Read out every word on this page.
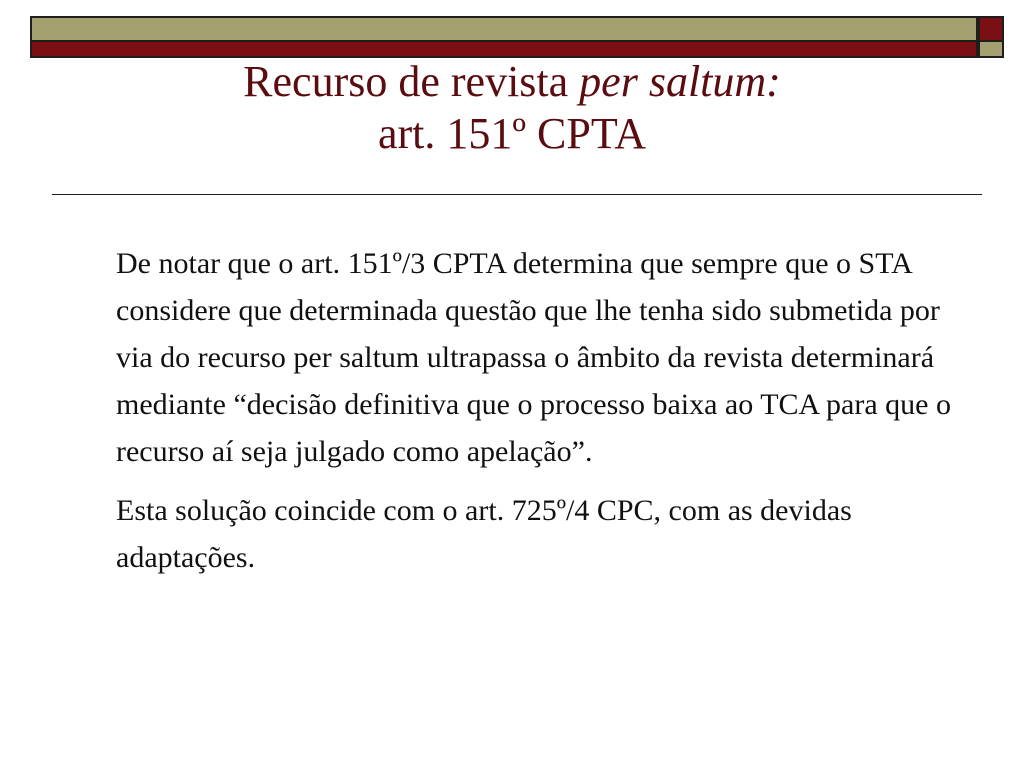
Recurso de revista per saltum:
art. 151º CPTA

De notar que o art. 151º/3 CPTA determina que sempre que o STA considere que determinada questão que lhe tenha sido submetida por via do recurso per saltum ultrapassa o âmbito da revista determinará mediante “decisão definitiva que o processo baixa ao TCA para que o recurso aí seja julgado como apelação”.

Esta solução coincide com o art. 725º/4 CPC, com as devidas adaptações.
